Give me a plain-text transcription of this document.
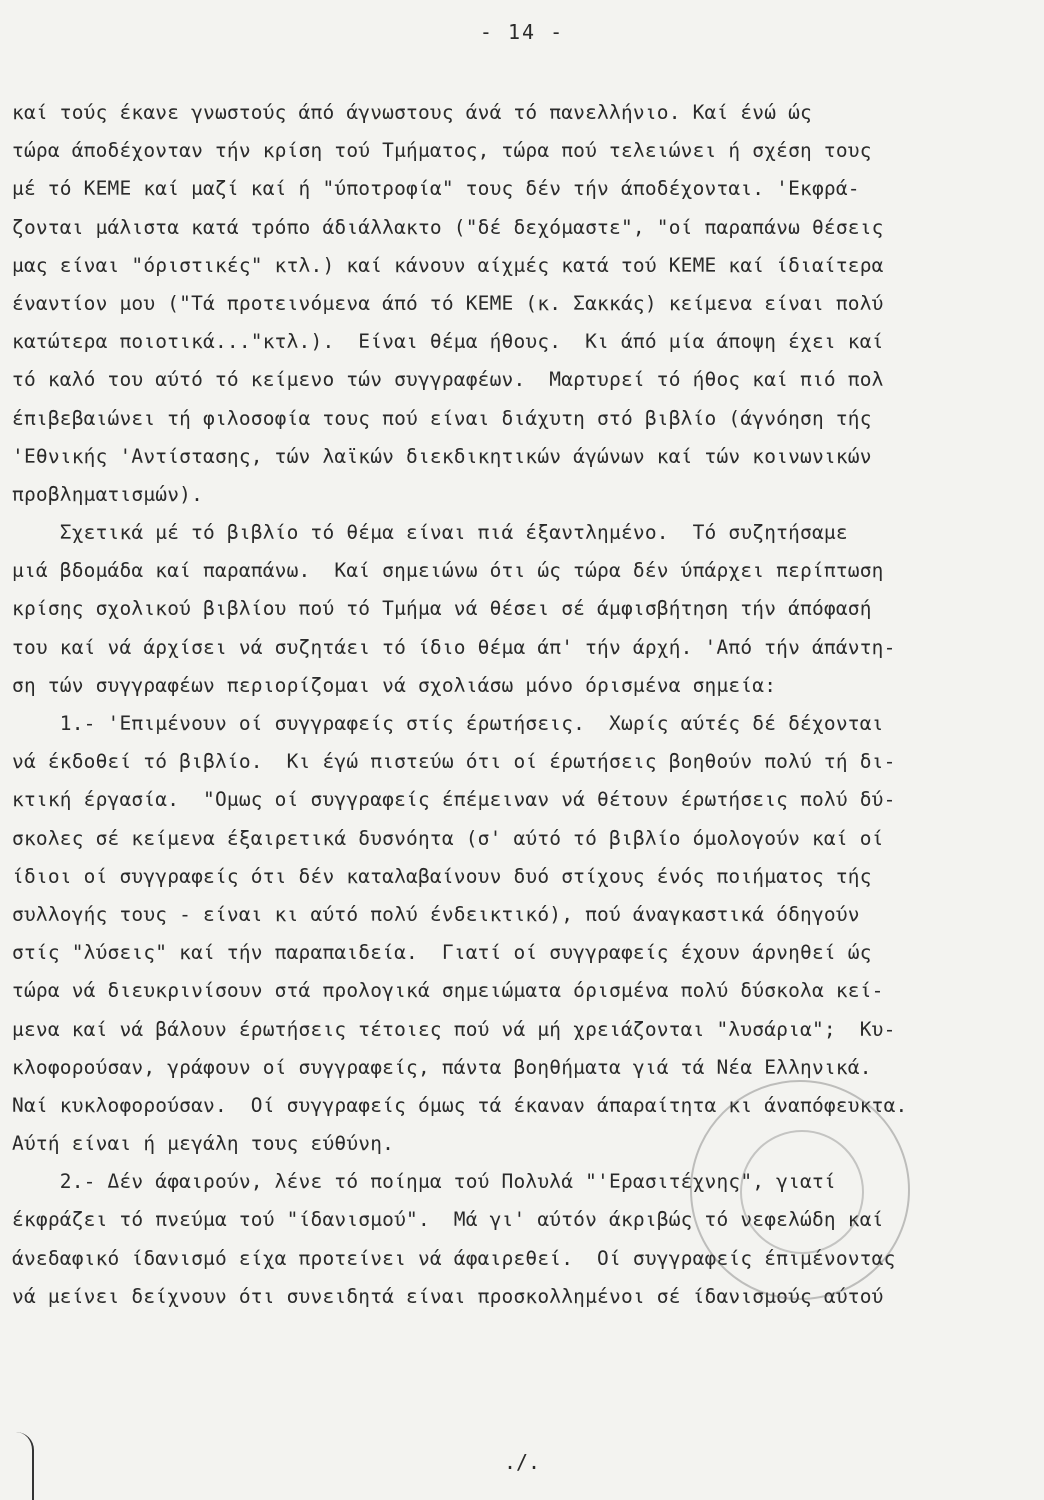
- 14 -
καί τούς έκανε γνωστούς άπό άγνωστους άνά τό πανελλήνιο. Καί ένώ ώς
τώρα άποδέχονταν τήν κρίση τού Τμήματος, τώρα πού τελειώνει ή σχέση τους
μέ τό ΚΕΜΕ καί μαζί καί ή "ύποτροφία" τους δέν τήν άποδέχονται. 'Εκφρά-
ζονται μάλιστα κατά τρόπο άδιάλλακτο ("δέ δεχόμαστε", "οί παραπάνω θέσεις
μας είναι "όριστικές" κτλ.) καί κάνουν αίχμές κατά τού ΚΕΜΕ καί ίδιαίτερα
έναντίον μου ("Τά προτεινόμενα άπό τό ΚΕΜΕ (κ. Σακκάς) κείμενα είναι πολύ
κατώτερα ποιοτικά..."κτλ.).  Είναι θέμα ήθους.  Κι άπό μία άποψη έχει καί
τό καλό του αύτό τό κείμενο τών συγγραφέων.  Μαρτυρεί τό ήθος καί πιό πολ
έπιβεβαιώνει τή φιλοσοφία τους πού είναι διάχυτη στό βιβλίο (άγνόηση τής
'Εθνικής 'Αντίστασης, τών λαϊκών διεκδικητικών άγώνων καί τών κοινωνικών
προβληματισμών).
Σχετικά μέ τό βιβλίο τό θέμα είναι πιά έξαντλημένο.  Τό συζητήσαμε
μιά βδομάδα καί παραπάνω.  Καί σημειώνω ότι ώς τώρα δέν ύπάρχει περίπτωση
κρίσης σχολικού βιβλίου πού τό Τμήμα νά θέσει σέ άμφισβήτηση τήν άπόφασή
του καί νά άρχίσει νά συζητάει τό ίδιο θέμα άπ' τήν άρχή. 'Από τήν άπάντη-
ση τών συγγραφέων περιορίζομαι νά σχολιάσω μόνο όρισμένα σημεία:
1.- 'Επιμένουν οί συγγραφείς στίς έρωτήσεις.  Χωρίς αύτές δέ δέχονται
νά έκδοθεί τό βιβλίο.  Κι έγώ πιστεύω ότι οί έρωτήσεις βοηθούν πολύ τή δι-
κτική έργασία.  "Ομως οί συγγραφείς έπέμειναν νά θέτουν έρωτήσεις πολύ δύ-
σκολες σέ κείμενα έξαιρετικά δυσνόητα (σ' αύτό τό βιβλίο όμολογούν καί οί
ίδιοι οί συγγραφείς ότι δέν καταλαβαίνουν δυό στίχους ένός ποιήματος τής
συλλογής τους - είναι κι αύτό πολύ ένδεικτικό), πού άναγκαστικά όδηγούν
στίς "λύσεις" καί τήν παραπαιδεία.  Γιατί οί συγγραφείς έχουν άρνηθεί ώς
τώρα νά διευκρινίσουν στά προλογικά σημειώματα όρισμένα πολύ δύσκολα κεί-
μενα καί νά βάλουν έρωτήσεις τέτοιες πού νά μή χρειάζονται "λυσάρια";  Κυ-
κλοφορούσαν, γράφουν οί συγγραφείς, πάντα βοηθήματα γιά τά Νέα Ελληνικά.
Ναί κυκλοφορούσαν.  Οί συγγραφείς όμως τά έκαναν άπαραίτητα κι άναπόφευκτα.
Αύτή είναι ή μεγάλη τους εύθύνη.
2.- Δέν άφαιρούν, λένε τό ποίημα τού Πολυλά "'Ερασιτέχνης", γιατί
έκφράζει τό πνεύμα τού "ίδανισμού".  Μά γι' αύτόν άκριβώς τό νεφελώδη καί
άνεδαφικό ίδανισμό είχα προτείνει νά άφαιρεθεί.  Οί συγγραφείς έπιμένοντας
νά μείνει δείχνουν ότι συνειδητά είναι προσκολλημένοι σέ ίδανισμούς αύτού
./.
